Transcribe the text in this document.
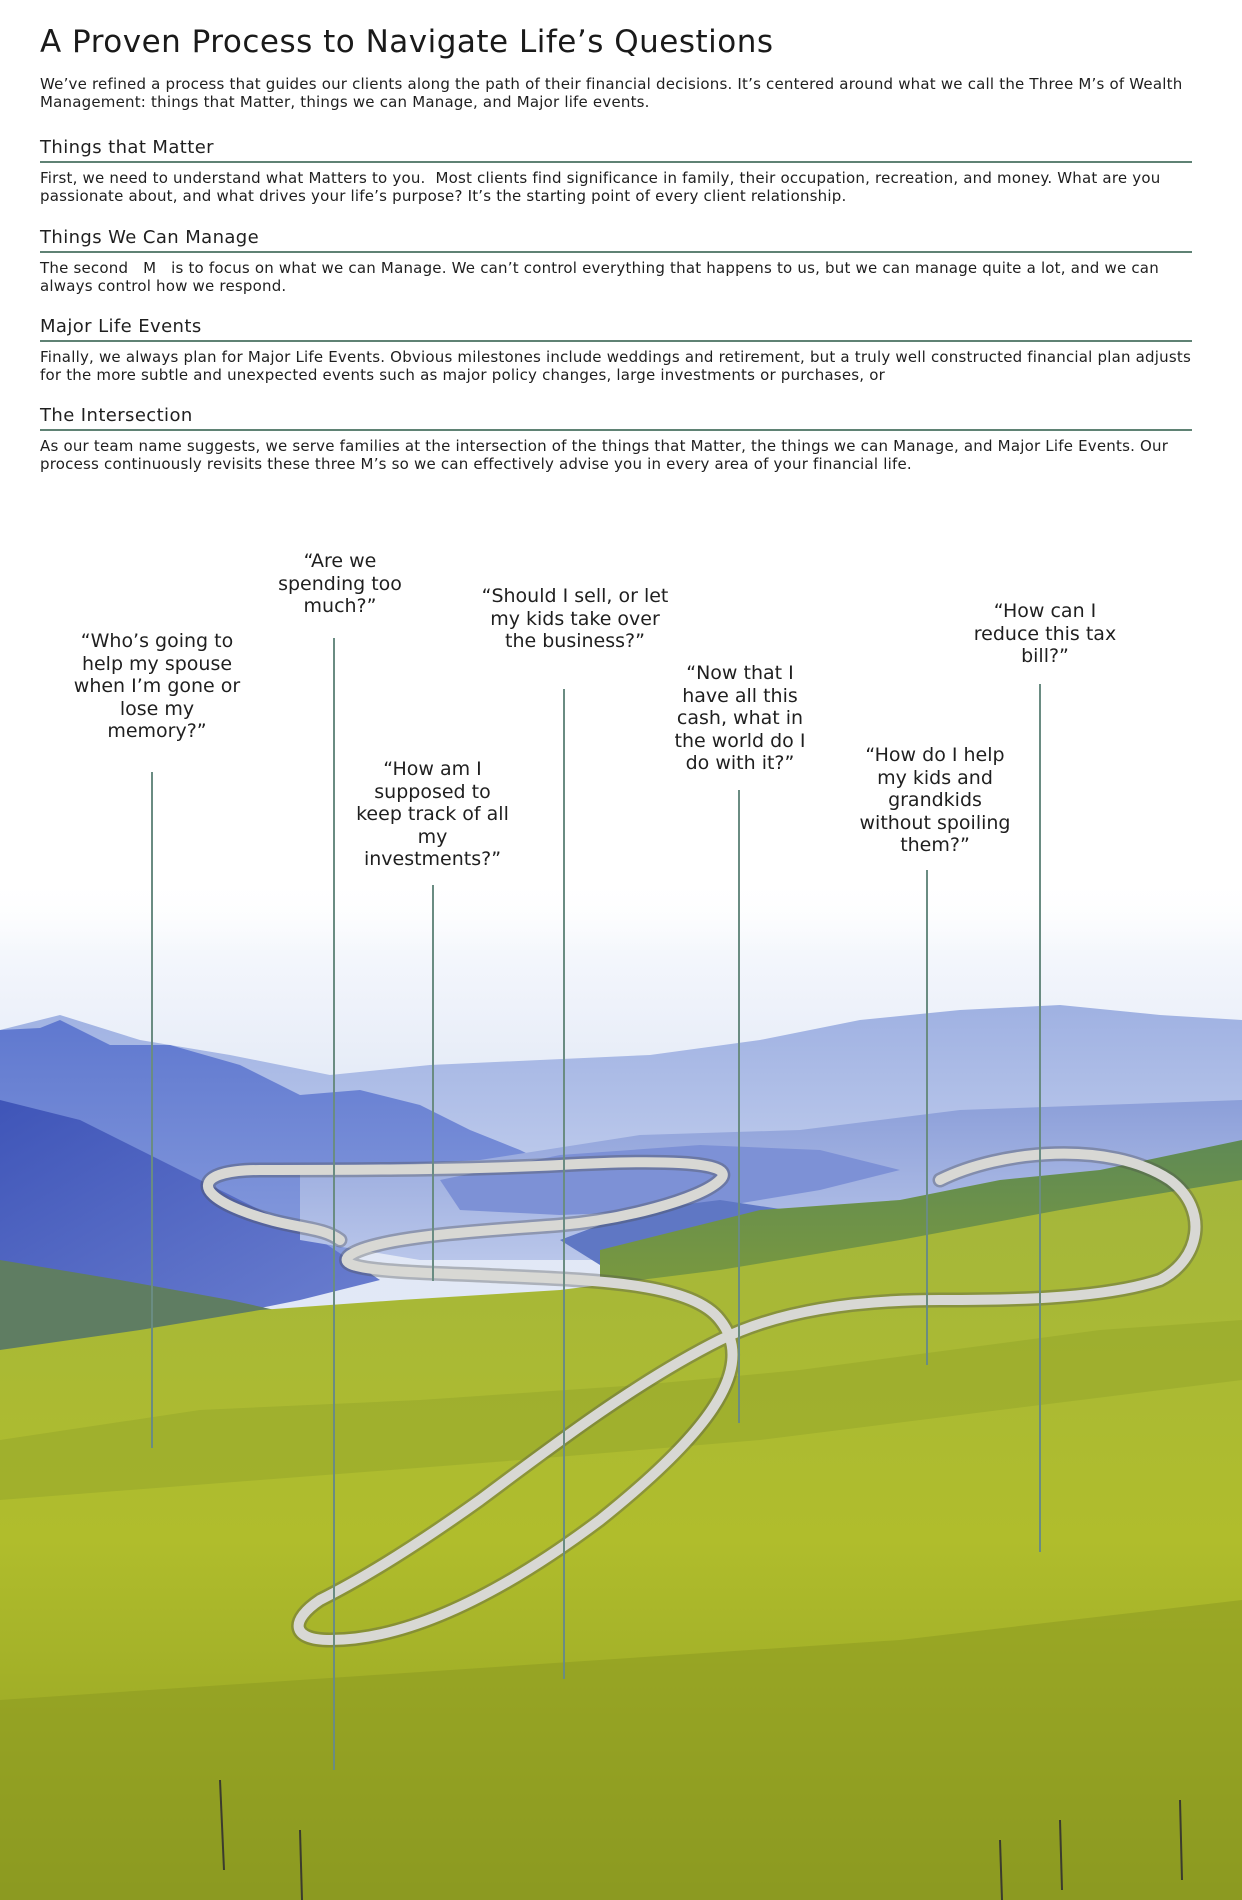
A Proven Process to Navigate Life’s Questions

We’ve refined a process that guides our clients along the path of their financial decisions. It’s centered around what we call the Three M’s of Wealth Management: things that Matter, things we can Manage, and Major life events.

Things that Matter

First, we need to understand what Matters to you.  Most clients find significance in family, their occupation, recreation, and money. What are you passionate about, and what drives your life’s purpose? It’s the starting point of every client relationship.

Things We Can Manage

The second   M   is to focus on what we can Manage. We can’t control everything that happens to us, but we can manage quite a lot, and we can always control how we respond.

Major Life Events

Finally, we always plan for Major Life Events. Obvious milestones include weddings and retirement, but a truly well constructed financial plan adjusts for the more subtle and unexpected events such as major policy changes, large investments or purchases, or

The Intersection

As our team name suggests, we serve families at the intersection of the things that Matter, the things we can Manage, and Major Life Events. Our process continuously revisits these three M’s so we can effectively advise you in every area of your financial life.

“Who’s going to help my spouse when I’m gone or lose my memory?”
“Are we spending too much?”
“How am I supposed to keep track of all my investments?”
“Should I sell, or let my kids take over the business?”
“Now that I have all this cash, what in the world do I do with it?”	“How do I help my kids and grandkids without spoiling them?”
“How can I reduce this tax bill?”
